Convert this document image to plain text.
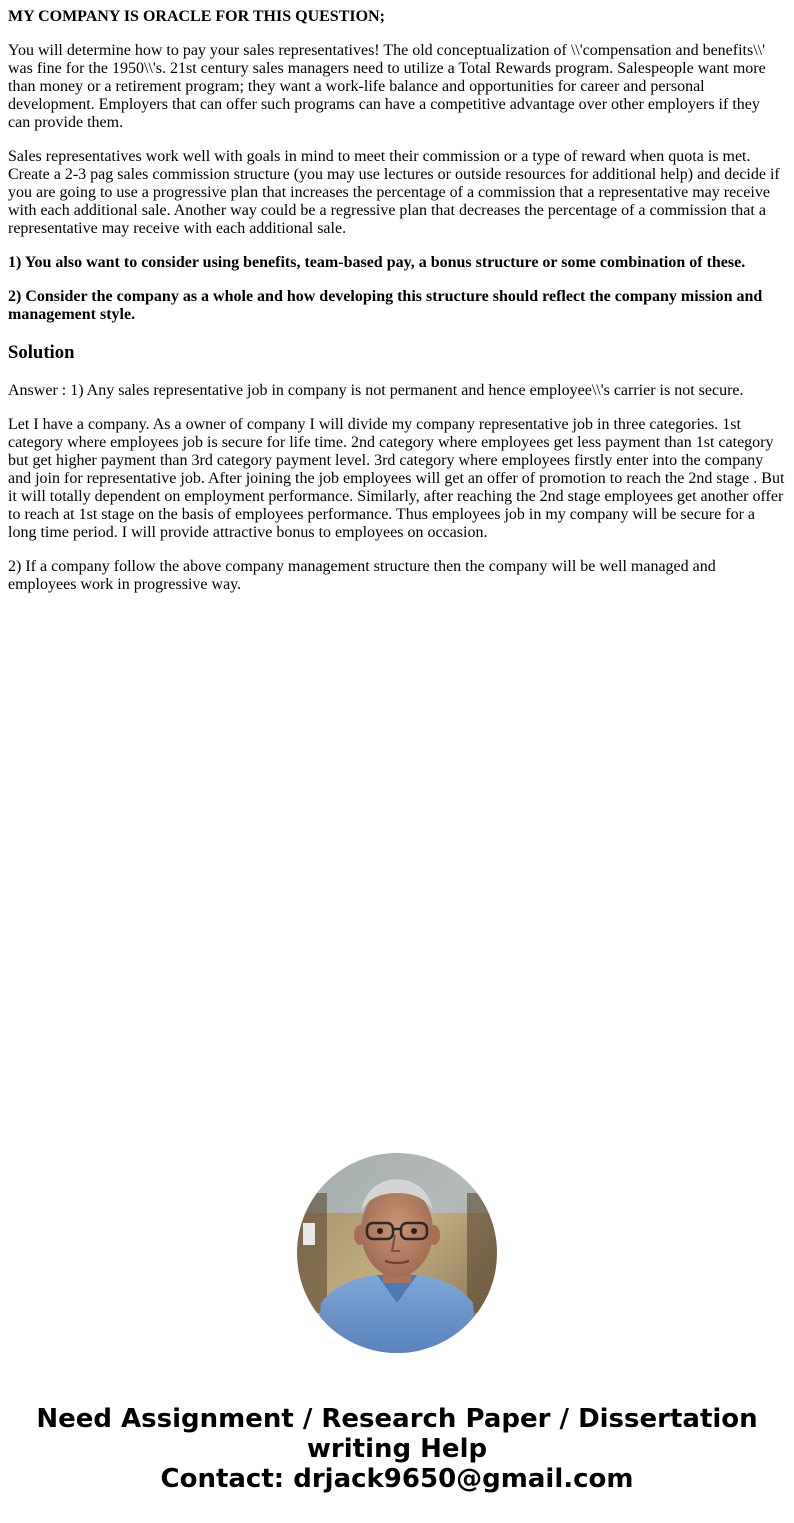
MY COMPANY IS ORACLE FOR THIS QUESTION;

You will determine how to pay your sales representatives! The old conceptualization of \\'compensation and benefits\\' was fine for the 1950\\'s. 21st century sales managers need to utilize a Total Rewards program. Salespeople want more than money or a retirement program; they want a work-life balance and opportunities for career and personal development. Employers that can offer such programs can have a competitive advantage over other employers if they can provide them.

Sales representatives work well with goals in mind to meet their commission or a type of reward when quota is met. Create a 2-3 pag sales commission structure (you may use lectures or outside resources for additional help) and decide if you are going to use a progressive plan that increases the percentage of a commission that a representative may receive with each additional sale. Another way could be a regressive plan that decreases the percentage of a commission that a representative may receive with each additional sale.

1) You also want to consider using benefits, team-based pay, a bonus structure or some combination of these.

2) Consider the company as a whole and how developing this structure should reflect the company mission and management style.

Solution

Answer : 1) Any sales representative job in company is not permanent and hence employee\\'s carrier is not secure.

Let I have a company. As a owner of company I will divide my company representative job in three categories. 1st category where employees job is secure for life time. 2nd category where employees get less payment than 1st category but get higher payment than 3rd category payment level. 3rd category where employees firstly enter into the company and join for representative job. After joining the job employees will get an offer of promotion to reach the 2nd stage . But it will totally dependent on employment performance. Similarly, after reaching the 2nd stage employees get another offer to reach at 1st stage on the basis of employees performance. Thus employees job in my company will be secure for a long time period. I will provide attractive bonus to employees on occasion.

2) If a company follow the above company management structure then the company will be well managed and employees work in progressive way.

Need Assignment / Research Paper / Dissertation
writing Help
Contact: drjack9650@gmail.com
